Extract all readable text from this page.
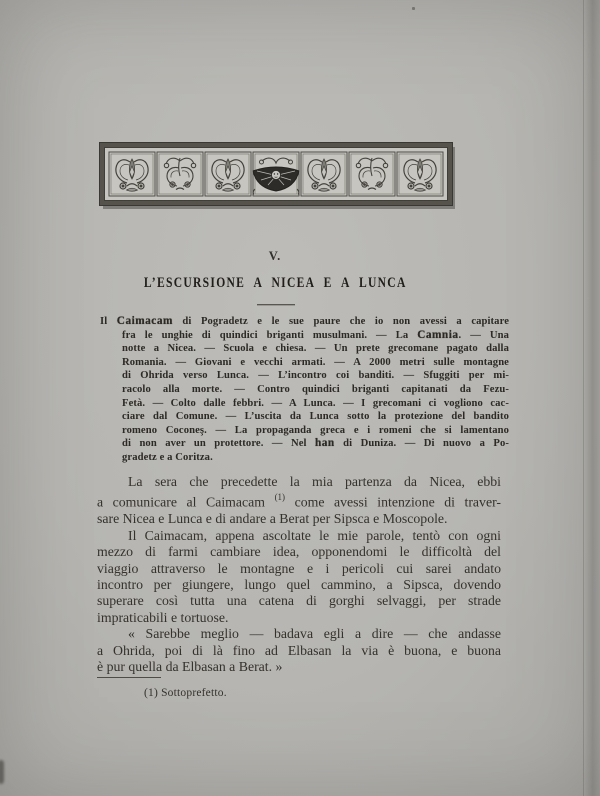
V.
L’ESCURSIONE A NICEA E A LUNCA
Il Caimacam di Pogradetz e le sue paure che io non avessi a capitare
fra le unghie di quindici briganti musulmani. — La Camnia. — Una
notte a Nicea. — Scuola e chiesa. — Un prete grecomane pagato dalla
Romania. — Giovani e vecchi armati. — A 2000 metri sulle montagne
di Ohrida verso Lunca. — L’incontro coi banditi. — Sfuggiti per mi-
racolo alla morte. — Contro quindici briganti capitanati da Fezu-
Fetà. — Colto dalle febbri. — A Lunca. — I grecomani ci vogliono cac-
ciare dal Comune. — L’uscita da Lunca sotto la protezione del bandito
romeno Coconeş. — La propaganda greca e i romeni che si lamentano
di non aver un protettore. — Nel han di Duniza. — Di nuovo a Po-
gradetz e a Coritza.
La sera che precedette la mia partenza da Nicea, ebbi
a comunicare al Caimacam $^{(1)}$ come avessi intenzione di traver-
sare Nicea e Lunca e di andare a Berat per Sipsca e Moscopole.
Il Caimacam, appena ascoltate le mie parole, tentò con ogni
mezzo di farmi cambiare idea, opponendomi le difficoltà del
viaggio attraverso le montagne e i pericoli cui sarei andato
incontro per giungere, lungo quel cammino, a Sipsca, dovendo
superare così tutta una catena di gorghi selvaggi, per strade
impraticabili e tortuose.
« Sarebbe meglio — badava egli a dire — che andasse
a Ohrida, poi di là fino ad Elbasan la via è buona, e buona
è pur quella da Elbasan a Berat. »
(1) Sottoprefetto.
